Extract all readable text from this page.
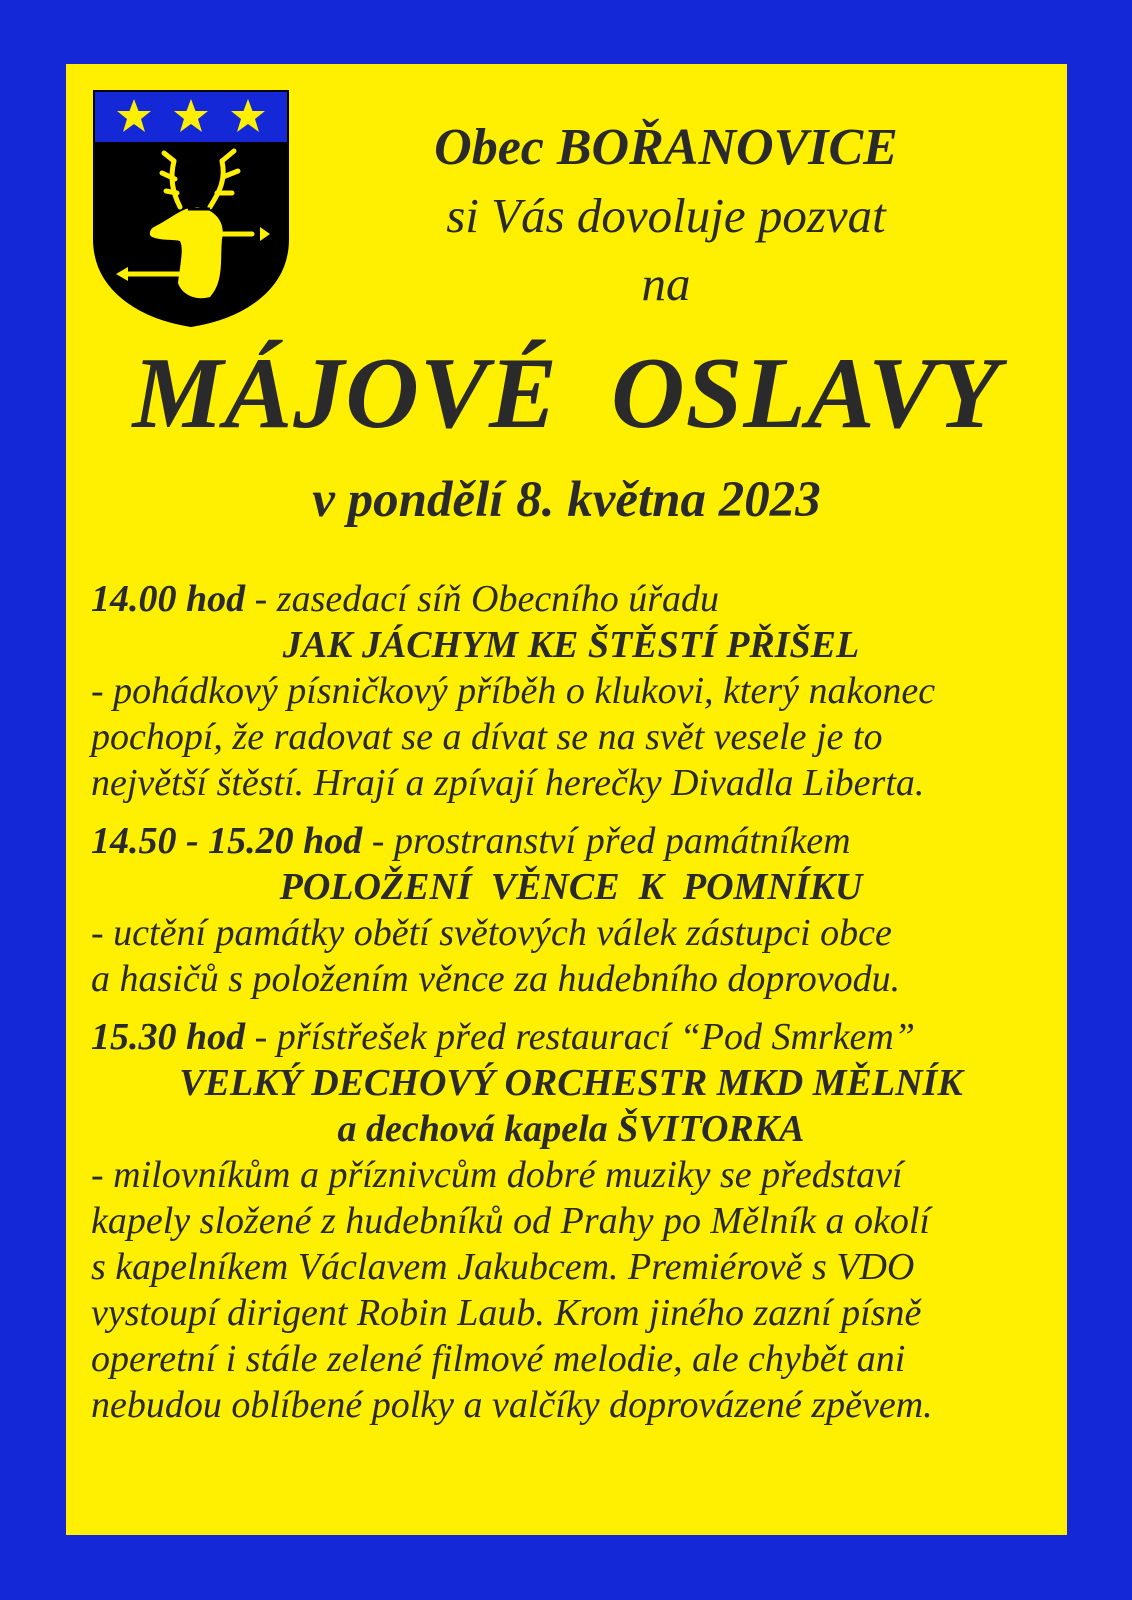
Obec BOŘANOVICE
si Vás dovoluje pozvat
na
MÁJOVÉ  OSLAVY
v pondělí 8. května 2023
14.00 hod - zasedací síň Obecního úřadu
JAK JÁCHYM KE ŠTĚSTÍ PŘIŠEL
- pohádkový písničkový příběh o klukovi, který nakonec
pochopí, že radovat se a dívat se na svět vesele je to
největší štěstí. Hrají a zpívají herečky Divadla Liberta.
14.50 - 15.20 hod - prostranství před památníkem
POLOŽENÍ  VĚNCE  K  POMNÍKU
- uctění památky obětí světových válek zástupci obce
a hasičů s položením věnce za hudebního doprovodu.
15.30 hod - přístřešek před restaurací “Pod Smrkem”
VELKÝ DECHOVÝ ORCHESTR MKD MĚLNÍK
a dechová kapela ŠVITORKA
- milovníkům a příznivcům dobré muziky se představí
kapely složené z hudebníků od Prahy po Mělník a okolí
s kapelníkem Václavem Jakubcem. Premiérově s VDO
vystoupí dirigent Robin Laub. Krom jiného zazní písně
operetní i stále zelené filmové melodie, ale chybět ani
nebudou oblíbené polky a valčíky doprovázené zpěvem.
